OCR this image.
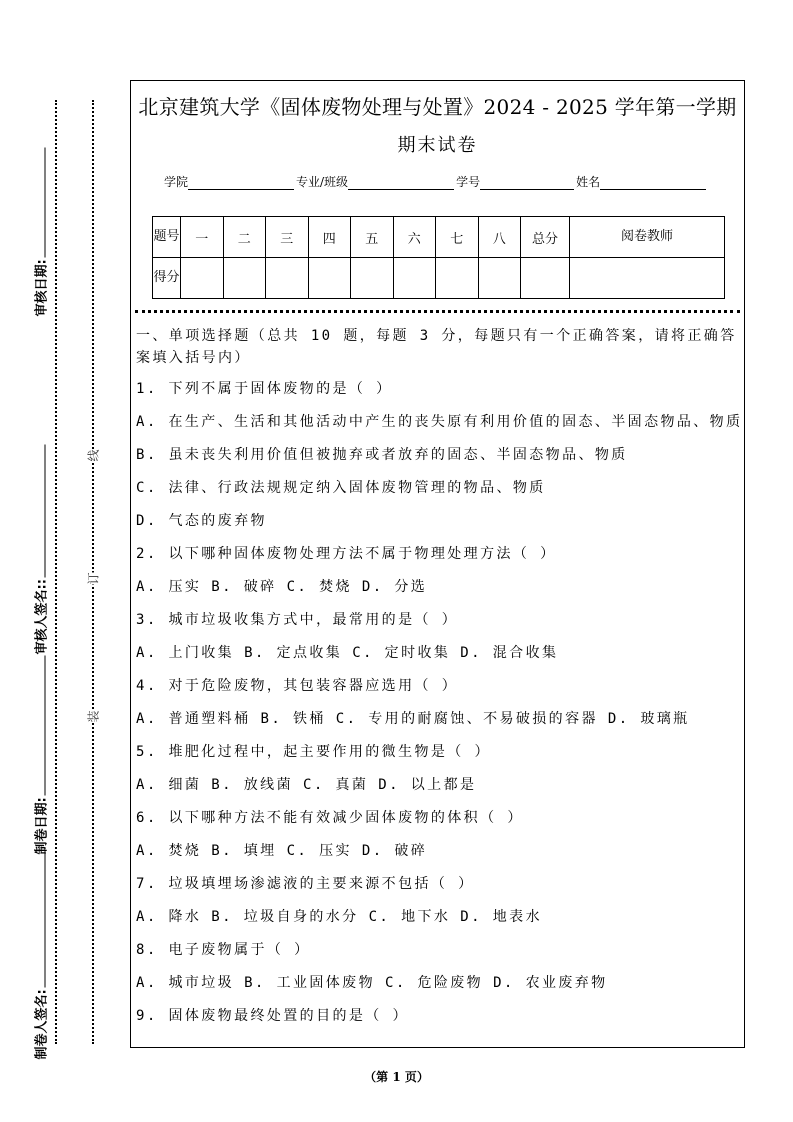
审核日期:
审核人签名::
制卷日期:
制卷人签名:
线
订
装
北京建筑大学《固体废物处理与处置》2024 - 2025 学年第一学期
期末试卷
学院	专业/班级	学号	姓名
题号	一	二	三	四	五	六	七	八	总分	阅卷教师
得分										
一、单项选择题（总共 10 题，每题 3 分，每题只有一个正确答案，请将正确答案填入括号内）
1. 下列不属于固体废物的是（ ）
A. 在生产、生活和其他活动中产生的丧失原有利用价值的固态、半固态物品、物质
B. 虽未丧失利用价值但被抛弃或者放弃的固态、半固态物品、物质
C. 法律、行政法规规定纳入固体废物管理的物品、物质
D. 气态的废弃物
2. 以下哪种固体废物处理方法不属于物理处理方法（ ）
A. 压实 B. 破碎 C. 焚烧 D. 分选
3. 城市垃圾收集方式中，最常用的是（ ）
A. 上门收集 B. 定点收集 C. 定时收集 D. 混合收集
4. 对于危险废物，其包装容器应选用（ ）
A. 普通塑料桶 B. 铁桶 C. 专用的耐腐蚀、不易破损的容器 D. 玻璃瓶
5. 堆肥化过程中，起主要作用的微生物是（ ）
A. 细菌 B. 放线菌 C. 真菌 D. 以上都是
6. 以下哪种方法不能有效减少固体废物的体积（ ）
A. 焚烧 B. 填埋 C. 压实 D. 破碎
7. 垃圾填埋场渗滤液的主要来源不包括（ ）
A. 降水 B. 垃圾自身的水分 C. 地下水 D. 地表水
8. 电子废物属于（ ）
A. 城市垃圾 B. 工业固体废物 C. 危险废物 D. 农业废弃物
9. 固体废物最终处置的目的是（ ）
（第 1 页）
